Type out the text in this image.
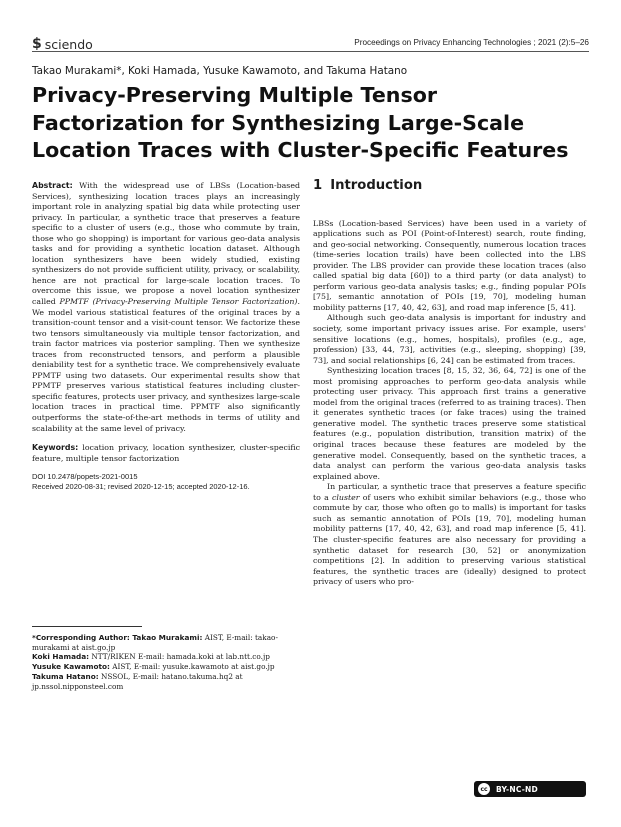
$ sciendo	Proceedings on Privacy Enhancing Technologies ; 2021 (2):5–26
Takao Murakami*, Koki Hamada, Yusuke Kawamoto, and Takuma Hatano
Privacy-Preserving Multiple Tensor Factorization for Synthesizing Large-Scale Location Traces with Cluster-Specific Features

Abstract: With the widespread use of LBSs (Location-based Services), synthesizing location traces plays an increasingly important role in analyzing spatial big data while protecting user privacy. In particular, a synthetic trace that preserves a feature specific to a cluster of users (e.g., those who commute by train, those who go shopping) is important for various geo-data analysis tasks and for providing a synthetic location dataset. Although location synthesizers have been widely studied, existing synthesizers do not provide sufficient utility, privacy, or scalability, hence are not practical for large-scale location traces. To overcome this issue, we propose a novel location synthesizer called PPMTF (Privacy-Preserving Multiple Tensor Factorization). We model various statistical features of the original traces by a transition-count tensor and a visit-count tensor. We factorize these two tensors simultaneously via multiple tensor factorization, and train factor matrices via posterior sampling. Then we synthesize traces from reconstructed tensors, and perform a plausible deniability test for a synthetic trace. We comprehensively evaluate PPMTF using two datasets. Our experimental results show that PPMTF preserves various statistical features including cluster-specific features, protects user privacy, and synthesizes large-scale location traces in practical time. PPMTF also significantly outperforms the state-of-the-art methods in terms of utility and scalability at the same level of privacy.

Keywords: location privacy, location synthesizer, cluster-specific feature, multiple tensor factorization

DOI 10.2478/popets-2021-0015
Received 2020-08-31; revised 2020-12-15; accepted 2020-12-16.

*Corresponding Author: Takao Murakami: AIST, E-mail: takao-murakami at aist.go.jp

Koki Hamada: NTT/RIKEN E-mail: hamada.koki at lab.ntt.co.jp

Yusuke Kawamoto: AIST, E-mail: yusuke.kawamoto at aist.go.jp

Takuma Hatano: NSSOL, E-mail: hatano.takuma.hq2 at jp.nssol.nipponsteel.com

1 Introduction

LBSs (Location-based Services) have been used in a variety of applications such as POI (Point-of-Interest) search, route finding, and geo-social networking. Consequently, numerous location traces (time-series location trails) have been collected into the LBS provider. The LBS provider can provide these location traces (also called spatial big data [60]) to a third party (or data analyst) to perform various geo-data analysis tasks; e.g., finding popular POIs [75], semantic annotation of POIs [19, 70], modeling human mobility patterns [17, 40, 42, 63], and road map inference [5, 41].

Although such geo-data analysis is important for industry and society, some important privacy issues arise. For example, users' sensitive locations (e.g., homes, hospitals), profiles (e.g., age, profession) [33, 44, 73], activities (e.g., sleeping, shopping) [39, 73], and social relationships [6, 24] can be estimated from traces.

Synthesizing location traces [8, 15, 32, 36, 64, 72] is one of the most promising approaches to perform geo-data analysis while protecting user privacy. This approach first trains a generative model from the original traces (referred to as training traces). Then it generates synthetic traces (or fake traces) using the trained generative model. The synthetic traces preserve some statistical features (e.g., population distribution, transition matrix) of the original traces because these features are modeled by the generative model. Consequently, based on the synthetic traces, a data analyst can perform the various geo-data analysis tasks explained above.

In particular, a synthetic trace that preserves a feature specific to a cluster of users who exhibit similar behaviors (e.g., those who commute by car, those who often go to malls) is important for tasks such as semantic annotation of POIs [19, 70], modeling human mobility patterns [17, 40, 42, 63], and road map inference [5, 41]. The cluster-specific features are also necessary for providing a synthetic dataset for research [30, 52] or anonymization competitions [2]. In addition to preserving various statistical features, the synthetic traces are (ideally) designed to protect privacy of users who pro-

cc	BY-NC-ND
